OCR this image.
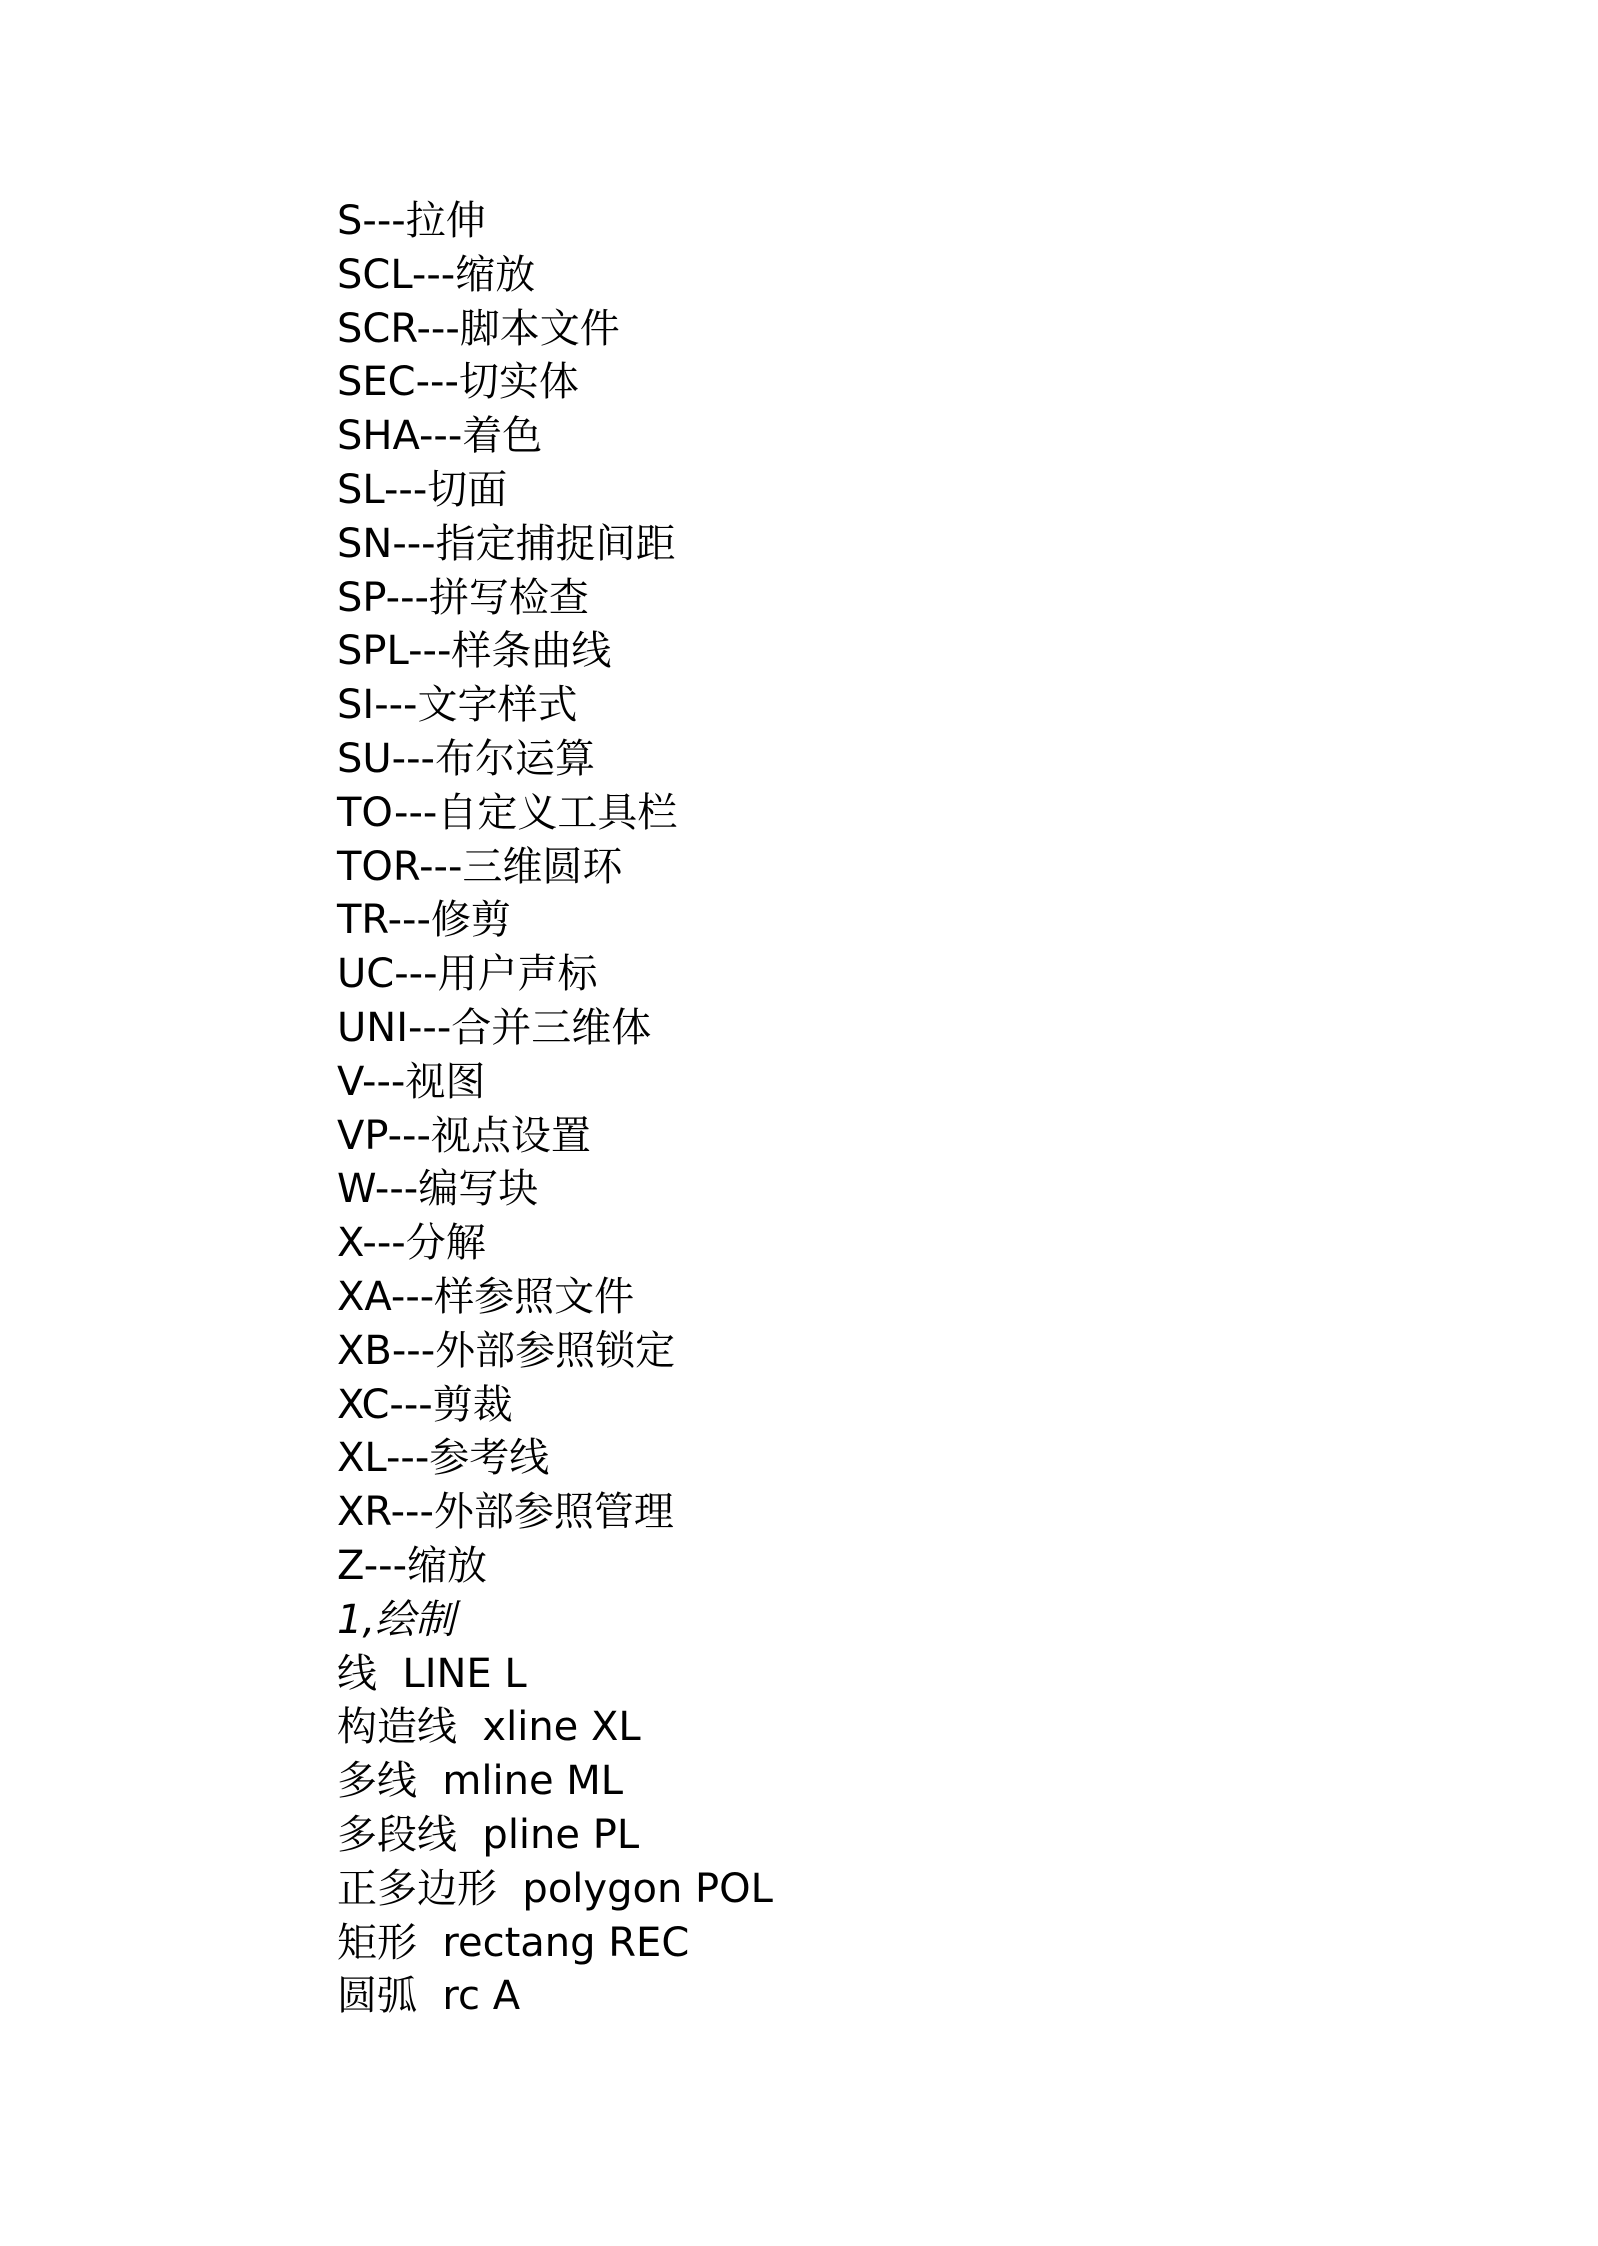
S---拉伸
SCL---缩放
SCR---脚本文件
SEC---切实体
SHA---着色
SL---切面
SN---指定捕捉间距
SP---拼写检查
SPL---样条曲线
SI---文字样式
SU---布尔运算
TO---自定义工具栏
TOR---三维圆环
TR---修剪
UC---用户声标
UNI---合并三维体
V---视图
VP---视点设置
W---编写块
X---分解
XA---样参照文件
XB---外部参照锁定
XC---剪裁
XL---参考线
XR---外部参照管理
Z---缩放
1,绘制
线  LINE L
构造线  xline XL
多线  mline ML
多段线  pline PL
正多边形  polygon POL
矩形  rectang REC
圆弧  rc A
